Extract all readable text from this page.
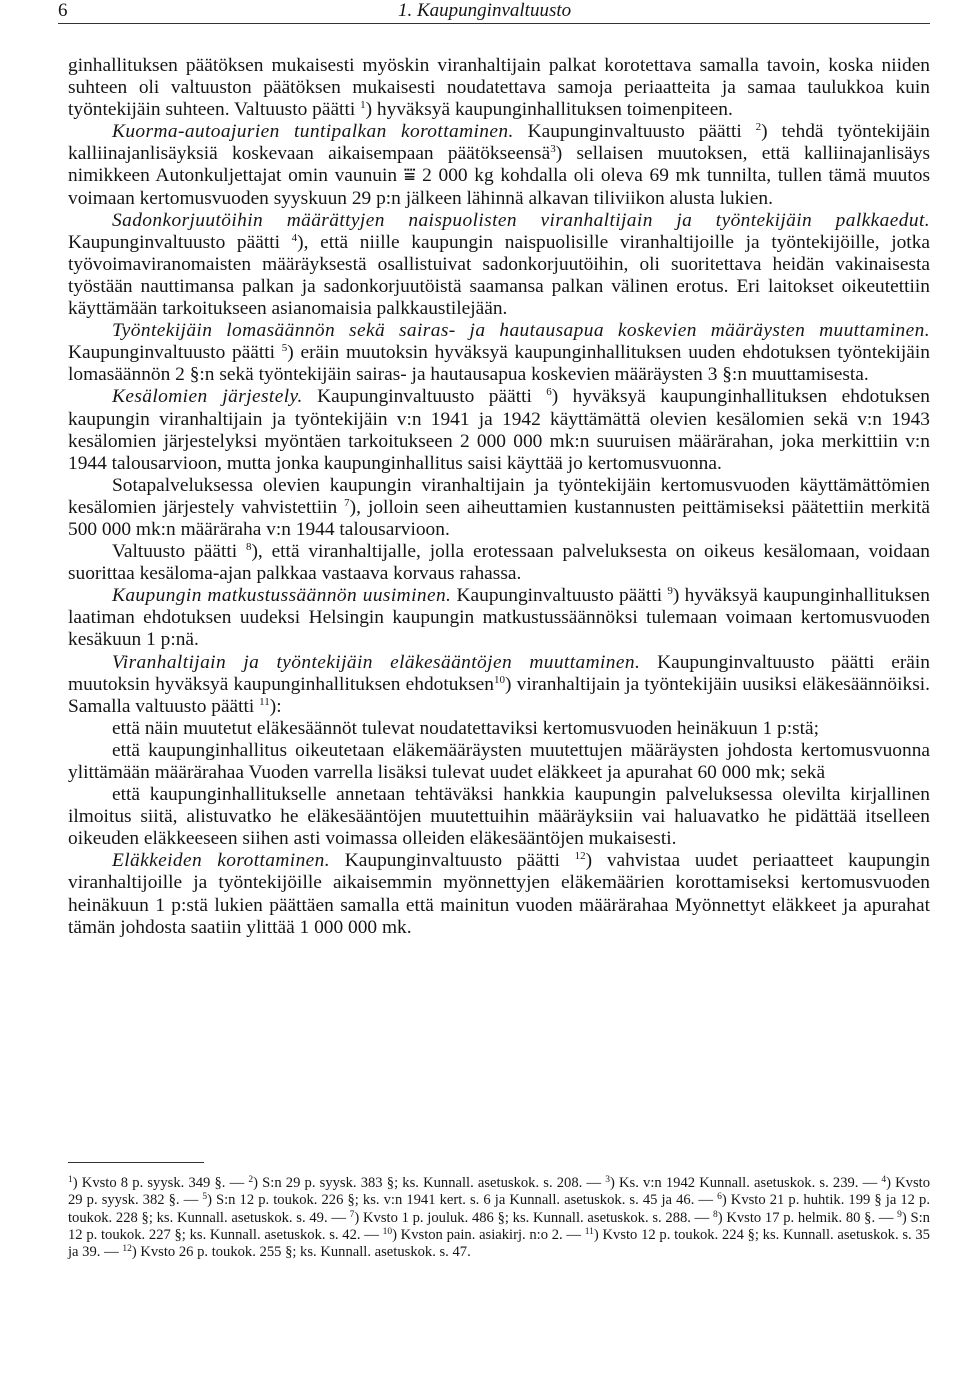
6	1. Kaupunginvaltuusto

ginhallituksen päätöksen mukaisesti myöskin viranhaltijain palkat korotettava samalla tavoin, koska niiden suhteen oli valtuuston päätöksen mukaisesti noudatettava samoja periaatteita ja samaa taulukkoa kuin työntekijäin suhteen. Valtuusto päätti $^1$) hyväksyä kaupunginhallituksen toimenpiteen.

Kuorma-autoajurien tuntipalkan korottaminen. Kaupunginvaltuusto päätti $^2$) tehdä työntekijäin kalliinajanlisäyksiä koskevaan aikaisempaan päätökseensä$^3$) sellaisen muutoksen, että kalliinajanlisäys nimikkeen Autonkuljettajat omin vaunuin ⩸ 2 000 kg kohdalla oli oleva 69 mk tunnilta, tullen tämä muutos voimaan kertomusvuoden syyskuun 29 p:n jälkeen lähinnä alkavan tiliviikon alusta lukien.

Sadonkorjuutöihin määrättyjen naispuolisten viranhaltijain ja työntekijäin palkkaedut. Kaupunginvaltuusto päätti $^4$), että niille kaupungin naispuolisille viranhaltijoille ja työntekijöille, jotka työvoimaviranomaisten määräyksestä osallistuivat sadonkorjuutöihin, oli suoritettava heidän vakinaisesta työstään nauttimansa palkan ja sadonkorjuutöistä saamansa palkan välinen erotus. Eri laitokset oikeutettiin käyttämään tarkoitukseen asianomaisia palkkaustilejään.

Työntekijäin lomasäännön sekä sairas- ja hautausapua koskevien määräysten muuttaminen. Kaupunginvaltuusto päätti $^5$) eräin muutoksin hyväksyä kaupunginhallituksen uuden ehdotuksen työntekijäin lomasäännön 2 §:n sekä työntekijäin sairas- ja hautausapua koskevien määräysten 3 §:n muuttamisesta.

Kesälomien järjestely. Kaupunginvaltuusto päätti $^6$) hyväksyä kaupunginhallituksen ehdotuksen kaupungin viranhaltijain ja työntekijäin v:n 1941 ja 1942 käyttämättä olevien kesälomien sekä v:n 1943 kesälomien järjestelyksi myöntäen tarkoitukseen 2 000 000 mk:n suuruisen määrärahan, joka merkittiin v:n 1944 talousarvioon, mutta jonka kaupunginhallitus saisi käyttää jo kertomusvuonna.

Sotapalveluksessa olevien kaupungin viranhaltijain ja työntekijäin kertomusvuoden käyttämättömien kesälomien järjestely vahvistettiin $^7$), jolloin seen aiheuttamien kustannusten peittämiseksi päätettiin merkitä 500 000 mk:n määräraha v:n 1944 talousarvioon.

Valtuusto päätti $^8$), että viranhaltijalle, jolla erotessaan palveluksesta on oikeus kesälomaan, voidaan suorittaa kesäloma-ajan palkkaa vastaava korvaus rahassa.

Kaupungin matkustussäännön uusiminen. Kaupunginvaltuusto päätti $^9$) hyväksyä kaupunginhallituksen laatiman ehdotuksen uudeksi Helsingin kaupungin matkustussäännöksi tulemaan voimaan kertomusvuoden kesäkuun 1 p:nä.

Viranhaltijain ja työntekijäin eläkesääntöjen muuttaminen. Kaupunginvaltuusto päätti eräin muutoksin hyväksyä kaupunginhallituksen ehdotuksen$^{10}$) viranhaltijain ja työntekijäin uusiksi eläkesäännöiksi. Samalla valtuusto päätti $^{11}$):

että näin muutetut eläkesäännöt tulevat noudatettaviksi kertomusvuoden heinäkuun 1 p:stä;

että kaupunginhallitus oikeutetaan eläkemääräysten muutettujen määräysten johdosta kertomusvuonna ylittämään määrärahaa Vuoden varrella lisäksi tulevat uudet eläkkeet ja apurahat 60 000 mk; sekä

että kaupunginhallitukselle annetaan tehtäväksi hankkia kaupungin palveluksessa olevilta kirjallinen ilmoitus siitä, alistuvatko he eläkesääntöjen muutettuihin määräyksiin vai haluavatko he pidättää itselleen oikeuden eläkkeeseen siihen asti voimassa olleiden eläkesääntöjen mukaisesti.

Eläkkeiden korottaminen. Kaupunginvaltuusto päätti $^{12}$) vahvistaa uudet periaatteet kaupungin viranhaltijoille ja työntekijöille aikaisemmin myönnettyjen eläkemäärien korottamiseksi kertomusvuoden heinäkuun 1 p:stä lukien päättäen samalla että mainitun vuoden määrärahaa Myönnettyt eläkkeet ja apurahat tämän johdosta saatiin ylittää 1 000 000 mk.

$^1$) Kvsto 8 p. syysk. 349 §. — $^2$) S:n 29 p. syysk. 383 §; ks. Kunnall. asetuskok. s. 208. — $^3$) Ks. v:n 1942 Kunnall. asetuskok. s. 239. — $^4$) Kvsto 29 p. syysk. 382 §. — $^5$) S:n 12 p. toukok. 226 §; ks. v:n 1941 kert. s. 6 ja Kunnall. asetuskok. s. 45 ja 46. — $^6$) Kvsto 21 p. huhtik. 199 § ja 12 p. toukok. 228 §; ks. Kunnall. asetuskok. s. 49. — $^7$) Kvsto 1 p. jouluk. 486 §; ks. Kunnall. asetuskok. s. 288. — $^8$) Kvsto 17 p. helmik. 80 §. — $^9$) S:n 12 p. toukok. 227 §; ks. Kunnall. asetuskok. s. 42. — $^{10}$) Kvston pain. asiakirj. n:o 2. — $^{11}$) Kvsto 12 p. toukok. 224 §; ks. Kunnall. asetuskok. s. 35 ja 39. — $^{12}$) Kvsto 26 p. toukok. 255 §; ks. Kunnall. asetuskok. s. 47.
